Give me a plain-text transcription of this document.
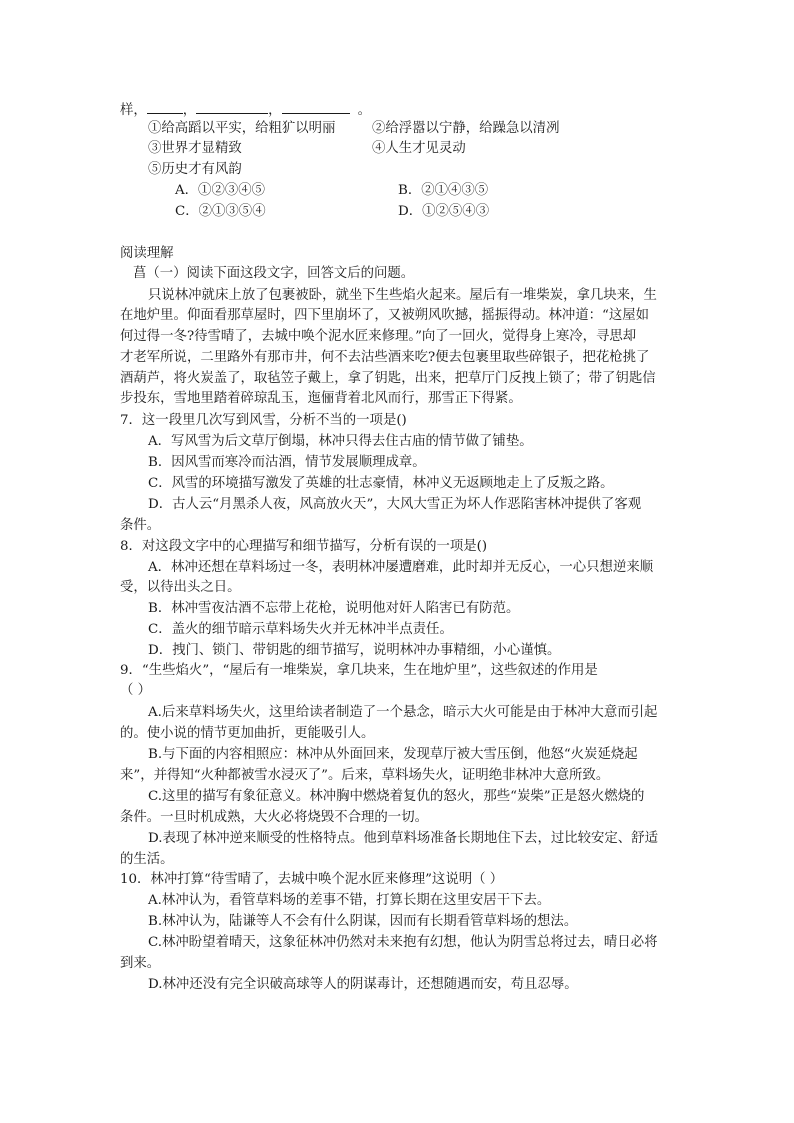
样，	，	，	。
①给高蹈以平实，给粗犷以明丽	②给浮嚣以宁静，给躁急以清冽
③世界才显精致	④人生才见灵动
⑤历史才有风韵
A．①②③④⑤	B．②①④③⑤
C．②①③⑤④	D．①②⑤④③
阅读理解
菖（一）阅读下面这段文字，回答文后的问题。
只说林冲就床上放了包裹被卧，就坐下生些焰火起来。屋后有一堆柴炭，拿几块来，生
在地炉里。仰面看那草屋时，四下里崩坏了，又被朔风吹撼，摇振得动。林冲道：“这屋如
何过得一冬?待雪晴了，去城中唤个泥水匠来修理。”向了一回火，觉得身上寒冷，寻思却
才老军所说，二里路外有那市井，何不去沽些酒来吃?便去包裹里取些碎银子，把花枪挑了
酒葫芦，将火炭盖了，取毡笠子戴上，拿了钥匙，出来，把草厅门反拽上锁了；带了钥匙信
步投东，雪地里踏着碎琼乱玉，迤俪背着北风而行，那雪正下得紧。
7．这一段里几次写到风雪，分析不当的一项是()
A．写风雪为后文草厅倒塌，林冲只得去住古庙的情节做了铺垫。
B．因风雪而寒冷而沽酒，情节发展顺理成章。
C．风雪的环境描写激发了英雄的壮志豪情，林冲义无返顾地走上了反叛之路。
D．古人云“月黑杀人夜，风高放火天”，大风大雪正为坏人作恶陷害林冲提供了客观
条件。
8．对这段文字中的心理描写和细节描写，分析有误的一项是()
A．林冲还想在草料场过一冬，表明林冲屡遭磨难，此时却并无反心，一心只想逆来顺
受，以待出头之日。
B．林冲雪夜沽酒不忘带上花枪，说明他对奸人陷害已有防范。
C．盖火的细节暗示草料场失火并无林冲半点责任。
D．拽门、锁门、带钥匙的细节描写，说明林冲办事精细，小心谨慎。
9．“生些焰火”，“屋后有一堆柴炭，拿几块来，生在地炉里”，这些叙述的作用是
（ ）
A.后来草料场失火，这里给读者制造了一个悬念，暗示大火可能是由于林冲大意而引起
的。使小说的情节更加曲折，更能吸引人。
B.与下面的内容相照应：林冲从外面回来，发现草厅被大雪压倒，他怒“火炭延烧起
来”，并得知“火种都被雪水浸灭了”。后来，草料场失火，证明绝非林冲大意所致。
C.这里的描写有象征意义。林冲胸中燃烧着复仇的怒火，那些“炭柴”正是怒火燃烧的
条件。一旦时机成熟，大火必将烧毁不合理的一切。
D.表现了林冲逆来顺受的性格特点。他到草料场准备长期地住下去，过比较安定、舒适
的生活。
10．林冲打算“待雪晴了，去城中唤个泥水匠来修理”这说明（ ）
A.林冲认为，看管草料场的差事不错，打算长期在这里安居干下去。
B.林冲认为，陆谦等人不会有什么阴谋，因而有长期看管草料场的想法。
C.林冲盼望着晴天，这象征林冲仍然对未来抱有幻想，他认为阴雪总将过去，晴日必将
到来。
D.林冲还没有完全识破高球等人的阴谋毒计，还想随遇而安，苟且忍辱。
